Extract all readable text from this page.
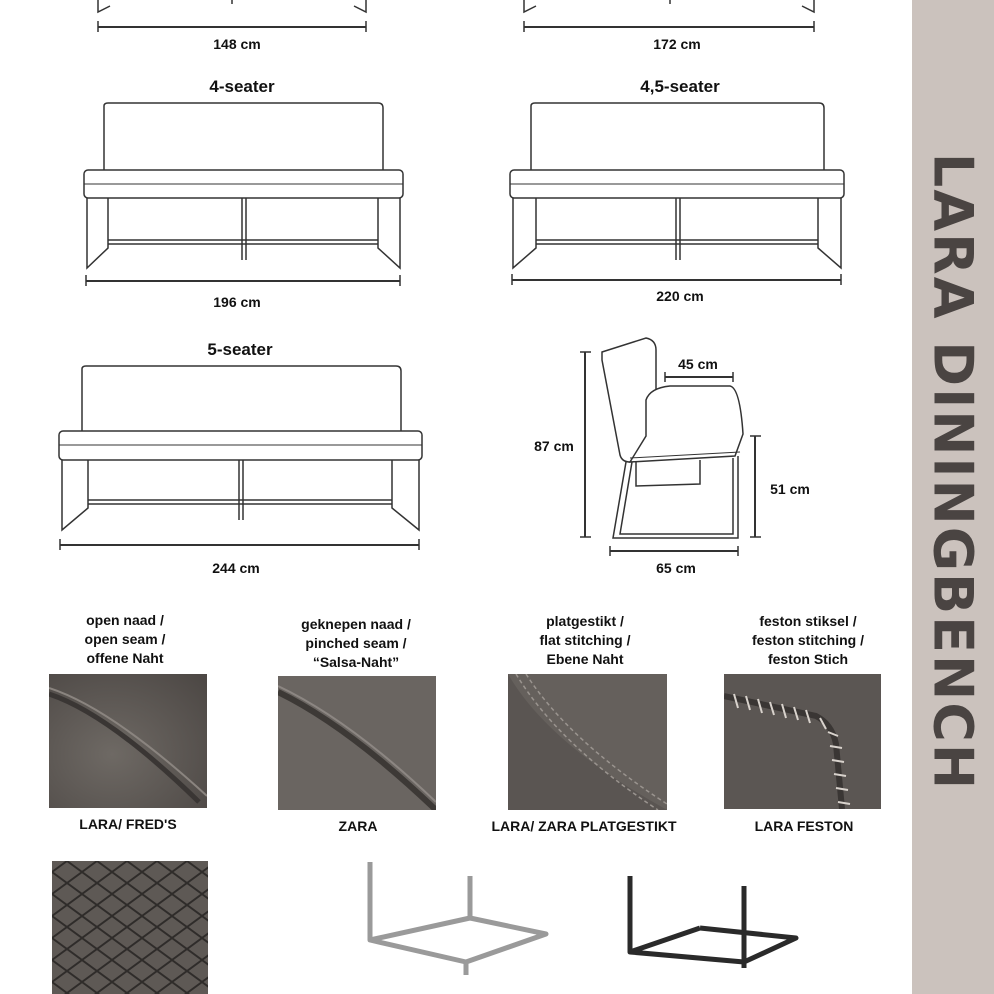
LARA DININGBENCH
148 cm	172 cm
4-seater
196 cm
4,5-seater
220 cm
5-seater
244 cm
45 cm
87 cm
51 cm
65 cm
open naad /
open seam /
offene Naht
geknepen naad /
pinched seam /
“Salsa-Naht”
platgestikt /
flat stitching /
Ebene Naht
feston stiksel /
feston stitching /
feston Stich
LARA/ FRED'S	ZARA	LARA/ ZARA PLATGESTIKT	LARA FESTON
